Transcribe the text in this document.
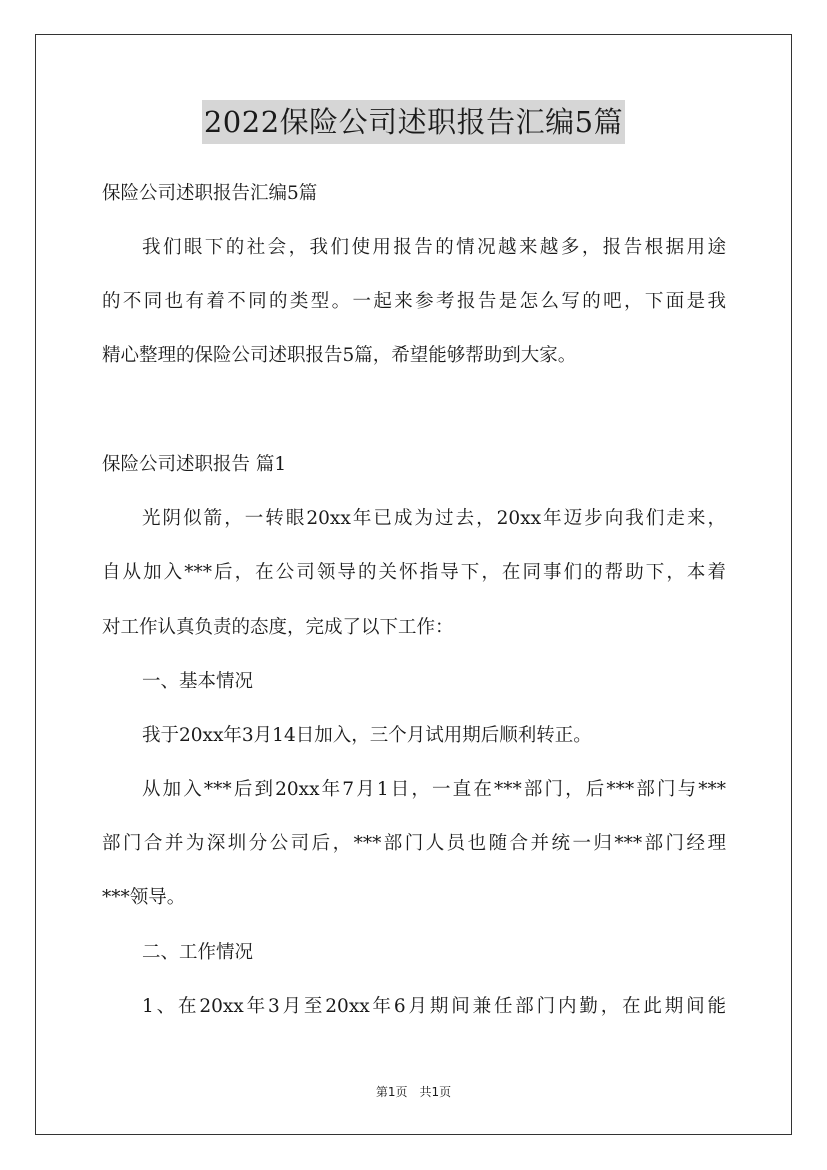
2022保险公司述职报告汇编5篇
保险公司述职报告汇编5篇
我们眼下的社会，我们使用报告的情况越来越多，报告根据用途
的不同也有着不同的类型。一起来参考报告是怎么写的吧，下面是我
精心整理的保险公司述职报告5篇，希望能够帮助到大家。
保险公司述职报告 篇1
光阴似箭，一转眼20xx年已成为过去，20xx年迈步向我们走来，
自从加入***后，在公司领导的关怀指导下，在同事们的帮助下，本着
对工作认真负责的态度，完成了以下工作：
一、基本情况
我于20xx年3月14日加入，三个月试用期后顺利转正。
从加入***后到20xx年7月1日，一直在***部门，后***部门与***
部门合并为深圳分公司后，***部门人员也随合并统一归***部门经理
***领导。
二、工作情况
1、在20xx年3月至20xx年6月期间兼任部门内勤，在此期间能
第1页　共1页
